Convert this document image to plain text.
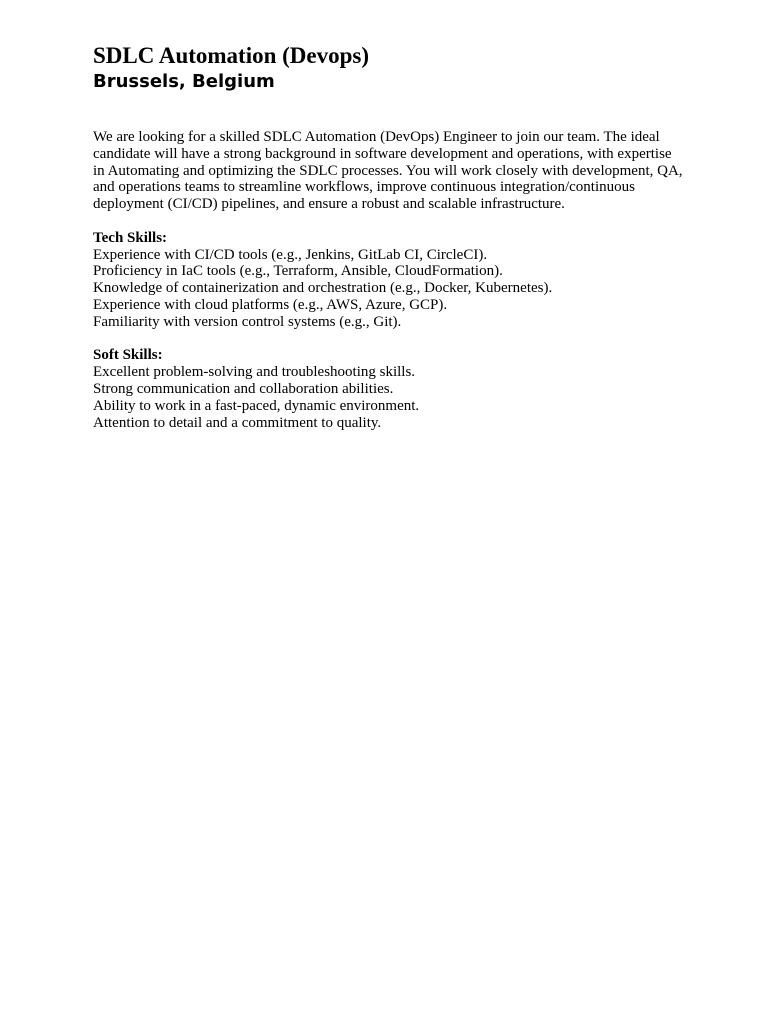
SDLC Automation (Devops)
Brussels, Belgium

We are looking for a skilled SDLC Automation (DevOps) Engineer to join our team. The ideal candidate will have a strong background in software development and operations, with expertise in Automating and optimizing the SDLC processes. You will work closely with development, QA, and operations teams to streamline workflows, improve continuous integration/continuous deployment (CI/CD) pipelines, and ensure a robust and scalable infrastructure.

Tech Skills:
Experience with CI/CD tools (e.g., Jenkins, GitLab CI, CircleCI).
Proficiency in IaC tools (e.g., Terraform, Ansible, CloudFormation).
Knowledge of containerization and orchestration (e.g., Docker, Kubernetes).
Experience with cloud platforms (e.g., AWS, Azure, GCP).
Familiarity with version control systems (e.g., Git).
Soft Skills:
Excellent problem-solving and troubleshooting skills.
Strong communication and collaboration abilities.
Ability to work in a fast-paced, dynamic environment.
Attention to detail and a commitment to quality.
